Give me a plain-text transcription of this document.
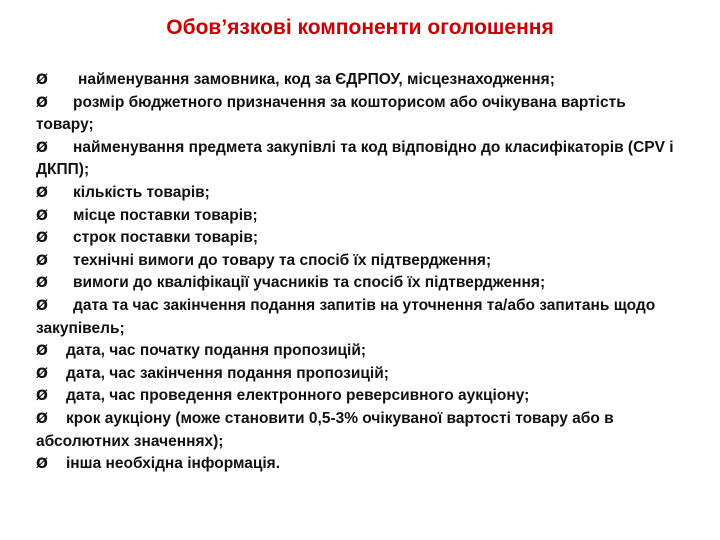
Обов’язкові компоненти оголошення
Ø найменування замовника, код за ЄДРПОУ, місцезнаходження;
Ø розмір бюджетного призначення за кошторисом або очікувана вартість товару;
Ø найменування предмета закупівлі та код відповідно до класифікаторів (CPV і ДКПП);
Ø кількість товарів;
Ø місце поставки товарів;
Ø строк поставки товарів;
Ø технічні вимоги до товару та спосіб їх підтвердження;
Ø вимоги до кваліфікації учасників та спосіб їх підтвердження;
Ø дата та час закінчення подання запитів на уточнення та/або запитань щодо закупівель;
Ø дата, час початку подання пропозицій;
Ø дата, час закінчення подання пропозицій;
Ø дата, час проведення електронного реверсивного аукціону;
Ø крок аукціону (може становити 0,5-3% очікуваної вартості товару або в абсолютних значеннях);
Ø інша необхідна інформація.
